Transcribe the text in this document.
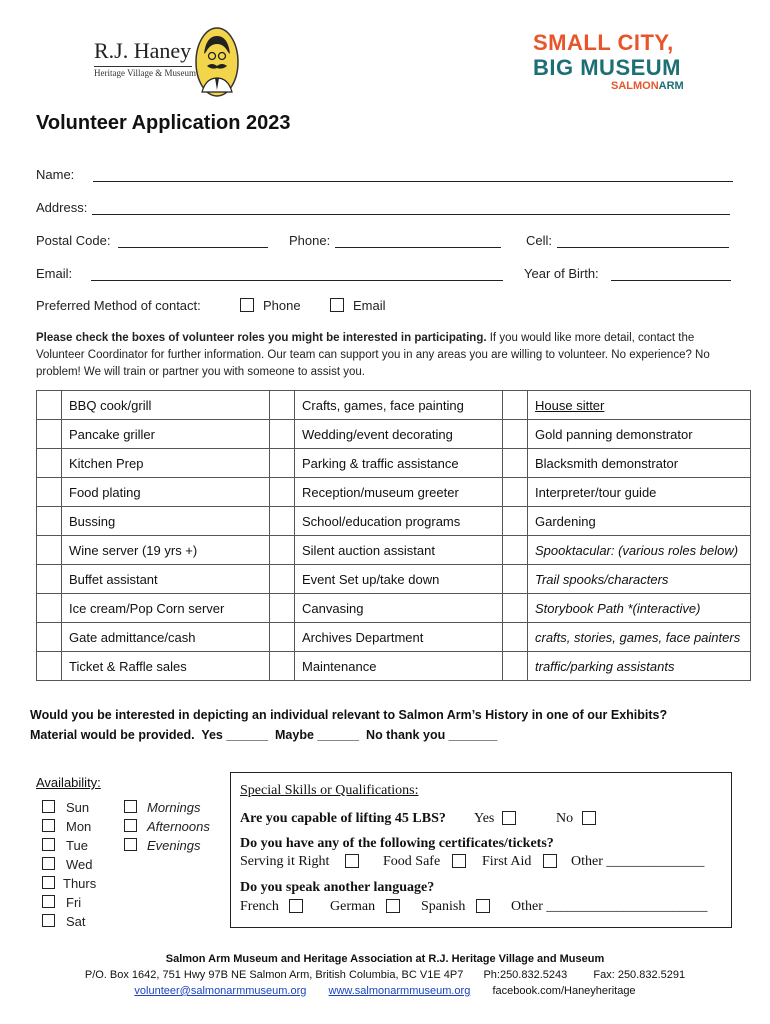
R.J. Haney
Heritage Village & Museum
SMALL CITY,
BIG MUSEUM
SALMONARM
Volunteer Application 2023
Name:
Address:
Postal Code:	Phone:	Cell:
Email:	Year of Birth:
Preferred Method of contact:	Phone	Email
Please check the boxes of volunteer roles you might be interested in participating. If you would like more detail, contact the Volunteer Coordinator for further information. Our team can support you in any areas you are willing to volunteer. No experience? No problem! We will train or partner you with someone to assist you.
	BBQ cook/grill		Crafts, games, face painting		House sitter
	Pancake griller		Wedding/event decorating		Gold panning demonstrator
	Kitchen Prep		Parking & traffic assistance		Blacksmith demonstrator
	Food plating		Reception/museum greeter		Interpreter/tour guide
	Bussing		School/education programs		Gardening
	Wine server (19 yrs +)		Silent auction assistant		Spooktacular: (various roles below)
	Buffet assistant		Event Set up/take down		Trail spooks/characters
	Ice cream/Pop Corn server		Canvasing		Storybook Path *(interactive)
	Gate admittance/cash		Archives Department		crafts, stories, games, face painters
	Ticket & Raffle sales		Maintenance		traffic/parking assistants
Would you be interested in depicting an individual relevant to Salmon Arm’s History in one of our Exhibits?
Material would be provided.  Yes ______  Maybe ______  No thank you _______
Availability:
Sun
Mon
Tue
Wed
Thurs
Fri
Sat
Mornings
Afternoons
Evenings
Special Skills or Qualifications:
Are you capable of lifting 45 LBS? Yes	No
Do you have any of the following certificates/tickets?
Serving it Right	Food Safe	First Aid	Other ______________
Do you speak another language?
French	German	Spanish	Other _______________________
Salmon Arm Museum and Heritage Association at R.J. Heritage Village and Museum
P/O. Box 1642, 751 Hwy 97B NE Salmon Arm, British Columbia, BC V1E 4P7 Ph:250.832.5243 Fax: 250.832.5291
volunteer@salmonarmmuseum.org www.salmonarmmuseum.org facebook.com/Haneyheritage
